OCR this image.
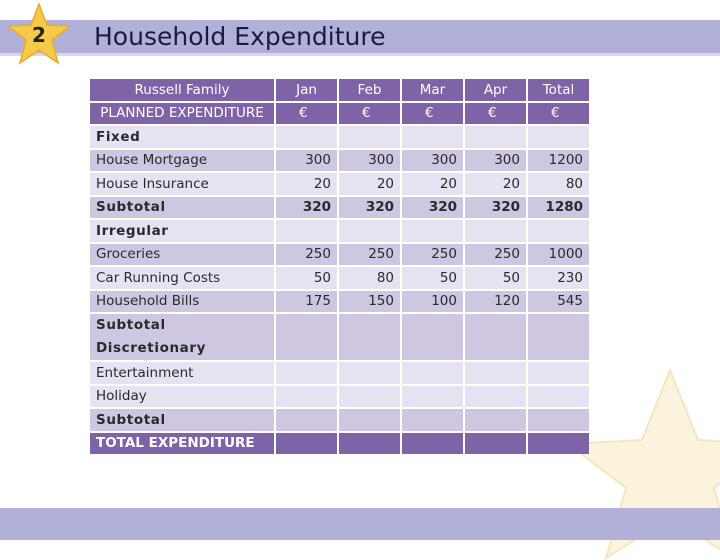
2	Household Expenditure
Russell Family	Jan	Feb	Mar	Apr	Total
PLANNED EXPENDITURE	€	€	€	€	€
Fixed					
House Mortgage	300	300	300	300	1200
House Insurance	20	20	20	20	80
Subtotal	320	320	320	320	1280
Irregular					
Groceries	250	250	250	250	1000
Car Running Costs	50	80	50	50	230
Household Bills	175	150	100	120	545

Subtotal
Discretionary					

Entertainment					
Holiday					
Subtotal					
TOTAL EXPENDITURE					
